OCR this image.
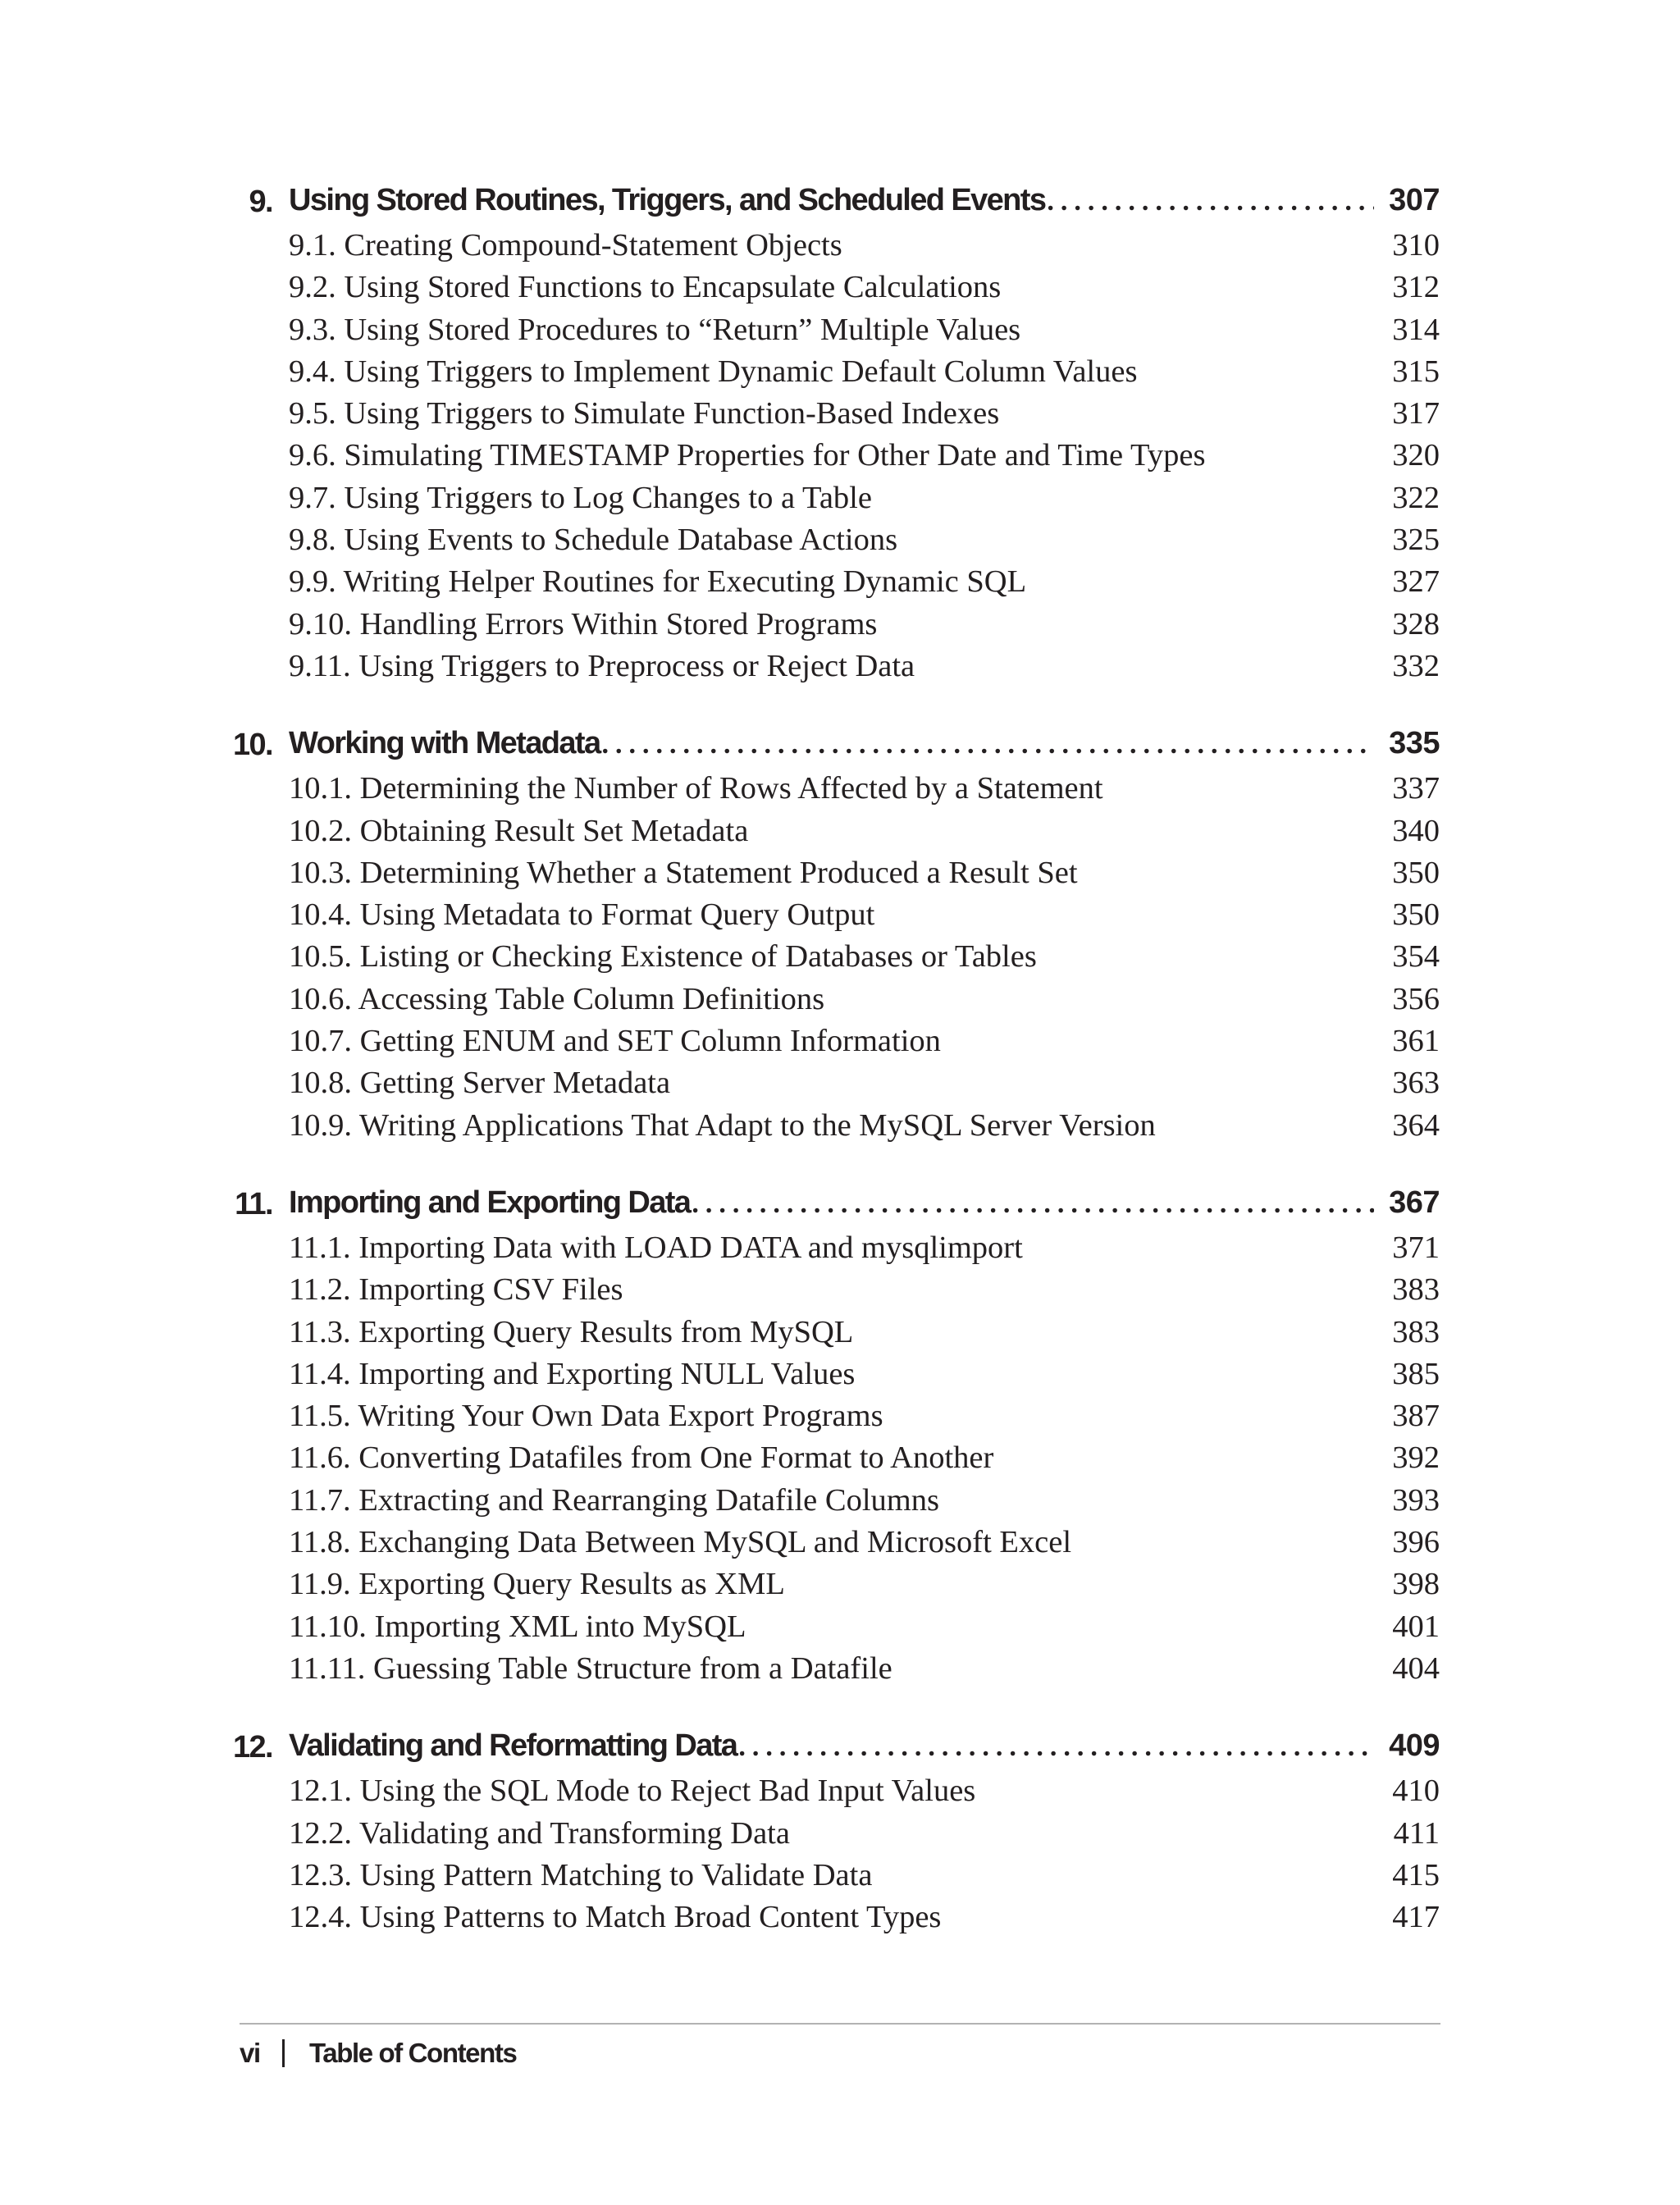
9. Using Stored Routines, Triggers, and Scheduled Events .....	307
9.1. Creating Compound-Statement Objects	310
9.2. Using Stored Functions to Encapsulate Calculations	312
9.3. Using Stored Procedures to “Return” Multiple Values	314
9.4. Using Triggers to Implement Dynamic Default Column Values	315
9.5. Using Triggers to Simulate Function-Based Indexes	317
9.6. Simulating TIMESTAMP Properties for Other Date and Time Types	320
9.7. Using Triggers to Log Changes to a Table	322
9.8. Using Events to Schedule Database Actions	325
9.9. Writing Helper Routines for Executing Dynamic SQL	327
9.10. Handling Errors Within Stored Programs	328
9.11. Using Triggers to Preprocess or Reject Data	332
10. Working with Metadata .....	335
10.1. Determining the Number of Rows Affected by a Statement	337
10.2. Obtaining Result Set Metadata	340
10.3. Determining Whether a Statement Produced a Result Set	350
10.4. Using Metadata to Format Query Output	350
10.5. Listing or Checking Existence of Databases or Tables	354
10.6. Accessing Table Column Definitions	356
10.7. Getting ENUM and SET Column Information	361
10.8. Getting Server Metadata	363
10.9. Writing Applications That Adapt to the MySQL Server Version	364
11. Importing and Exporting Data .....	367
11.1. Importing Data with LOAD DATA and mysqlimport	371
11.2. Importing CSV Files	383
11.3. Exporting Query Results from MySQL	383
11.4. Importing and Exporting NULL Values	385
11.5. Writing Your Own Data Export Programs	387
11.6. Converting Datafiles from One Format to Another	392
11.7. Extracting and Rearranging Datafile Columns	393
11.8. Exchanging Data Between MySQL and Microsoft Excel	396
11.9. Exporting Query Results as XML	398
11.10. Importing XML into MySQL	401
11.11. Guessing Table Structure from a Datafile	404
12. Validating and Reformatting Data .....	409
12.1. Using the SQL Mode to Reject Bad Input Values	410
12.2. Validating and Transforming Data	411
12.3. Using Pattern Matching to Validate Data	415
12.4. Using Patterns to Match Broad Content Types	417
vi Table of Contents
